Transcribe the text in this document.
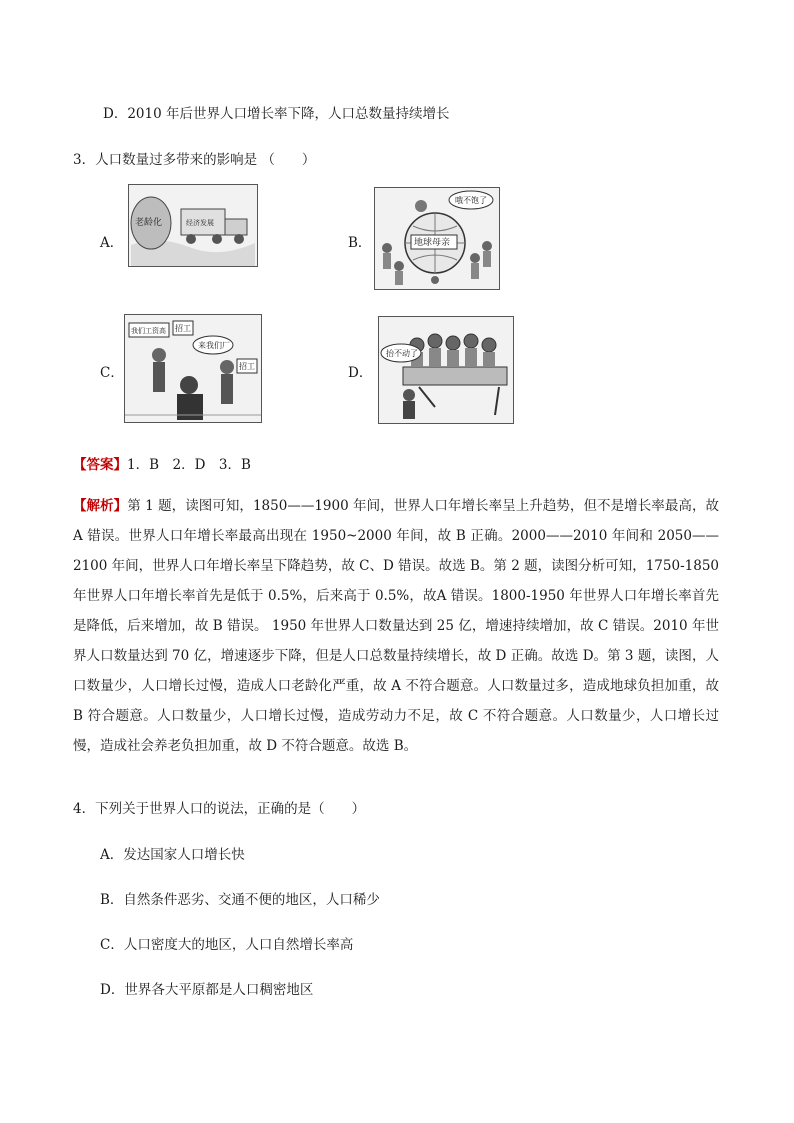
D．2010 年后世界人口增长率下降，人口总数量持续增长
3．人口数量过多带来的影响是 （　　）
A．
老龄化	经济发展
B．	地球母亲
哦不饱了
C．
我们工资高 招工
来我们厂
招工	D．
抬不动了
【答案】1．B　2．D　3．B
【解析】第 1 题，读图可知，1850——1900 年间，世界人口年增长率呈上升趋势，但不是增长率最高，故 A 错误。世界人口年增长率最高出现在 1950~2000 年间，故 B 正确。2000——2010 年间和 2050——2100 年间，世界人口年增长率呈下降趋势，故 C、D 错误。故选 B。第 2 题，读图分析可知，1750-1850 年世界人口年增长率首先是低于 0.5%，后来高于 0.5%，故A 错误。1800-1950 年世界人口年增长率首先是降低，后来增加，故 B 错误。 1950 年世界人口数量达到 25 亿，增速持续增加，故 C 错误。2010 年世界人口数量达到 70 亿，增速逐步下降，但是人口总数量持续增长，故 D 正确。故选 D。第 3 题，读图，人口数量少，人口增长过慢，造成人口老龄化严重，故 A 不符合题意。人口数量过多，造成地球负担加重，故 B 符合题意。人口数量少，人口增长过慢，造成劳动力不足，故 C 不符合题意。人口数量少，人口增长过慢，造成社会养老负担加重，故 D 不符合题意。故选 B。
4．下列关于世界人口的说法，正确的是（　　）
A．发达国家人口增长快
B．自然条件恶劣、交通不便的地区，人口稀少
C．人口密度大的地区，人口自然增长率高
D．世界各大平原都是人口稠密地区
